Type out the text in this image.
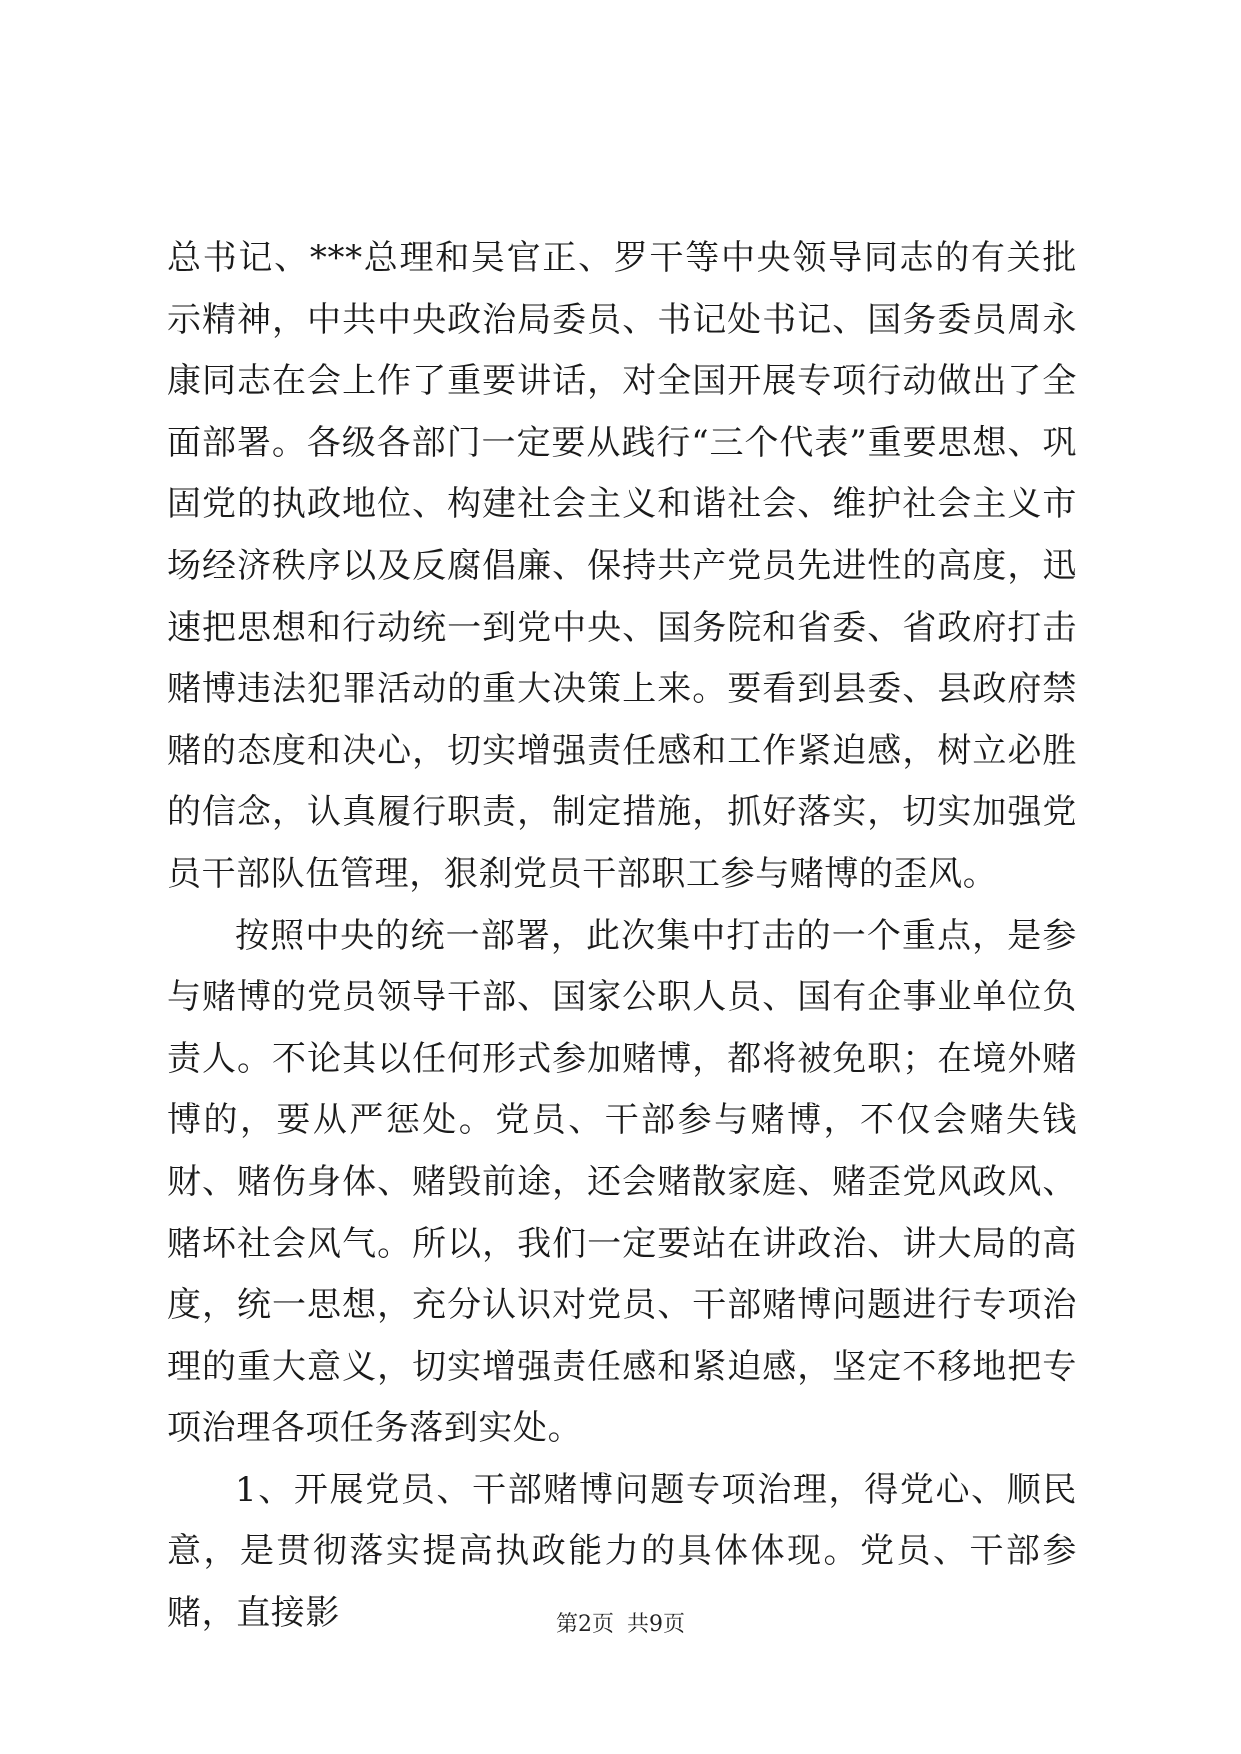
总书记、***总理和吴官正、罗干等中央领导同志的有关批示精神，中共中央政治局委员、书记处书记、国务委员周永康同志在会上作了重要讲话，对全国开展专项行动做出了全面部署。各级各部门一定要从践行“三个代表”重要思想、巩固党的执政地位、构建社会主义和谐社会、维护社会主义市场经济秩序以及反腐倡廉、保持共产党员先进性的高度，迅速把思想和行动统一到党中央、国务院和省委、省政府打击赌博违法犯罪活动的重大决策上来。要看到县委、县政府禁赌的态度和决心，切实增强责任感和工作紧迫感，树立必胜的信念，认真履行职责，制定措施，抓好落实，切实加强党员干部队伍管理，狠刹党员干部职工参与赌博的歪风。

按照中央的统一部署，此次集中打击的一个重点，是参与赌博的党员领导干部、国家公职人员、国有企事业单位负责人。不论其以任何形式参加赌博，都将被免职；在境外赌博的，要从严惩处。党员、干部参与赌博，不仅会赌失钱财、赌伤身体、赌毁前途，还会赌散家庭、赌歪党风政风、赌坏社会风气。所以，我们一定要站在讲政治、讲大局的高度，统一思想，充分认识对党员、干部赌博问题进行专项治理的重大意义，切实增强责任感和紧迫感，坚定不移地把专项治理各项任务落到实处。

1、开展党员、干部赌博问题专项治理，得党心、顺民意，是贯彻落实提高执政能力的具体体现。党员、干部参赌，直接影	第2页 共9页
